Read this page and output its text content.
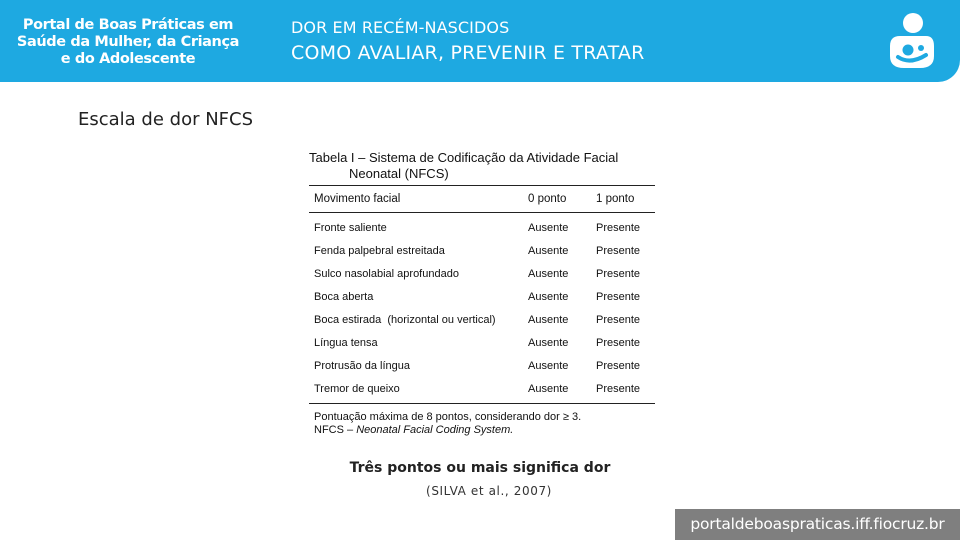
Portal de Boas Práticas em
Saúde da Mulher, da Criança
e do Adolescente
DOR EM RECÉM-NASCIDOS
COMO AVALIAR, PREVENIR E TRATAR
Escala de dor NFCS
Tabela I – Sistema de Codificação da Atividade Facial
Neonatal (NFCS)
Movimento facial	0 ponto	1 ponto
Fronte saliente	Ausente	Presente
Fenda palpebral estreitada	Ausente	Presente
Sulco nasolabial aprofundado	Ausente	Presente
Boca aberta	Ausente	Presente
Boca estirada  (horizontal ou vertical)	Ausente	Presente
Língua tensa	Ausente	Presente
Protrusão da língua	Ausente	Presente
Tremor de queixo	Ausente	Presente
Pontuação máxima de 8 pontos, considerando dor ≥ 3.
NFCS – Neonatal Facial Coding System.
Três pontos ou mais significa dor
(SILVA et al., 2007)
portaldeboaspraticas.iff.fiocruz.br
